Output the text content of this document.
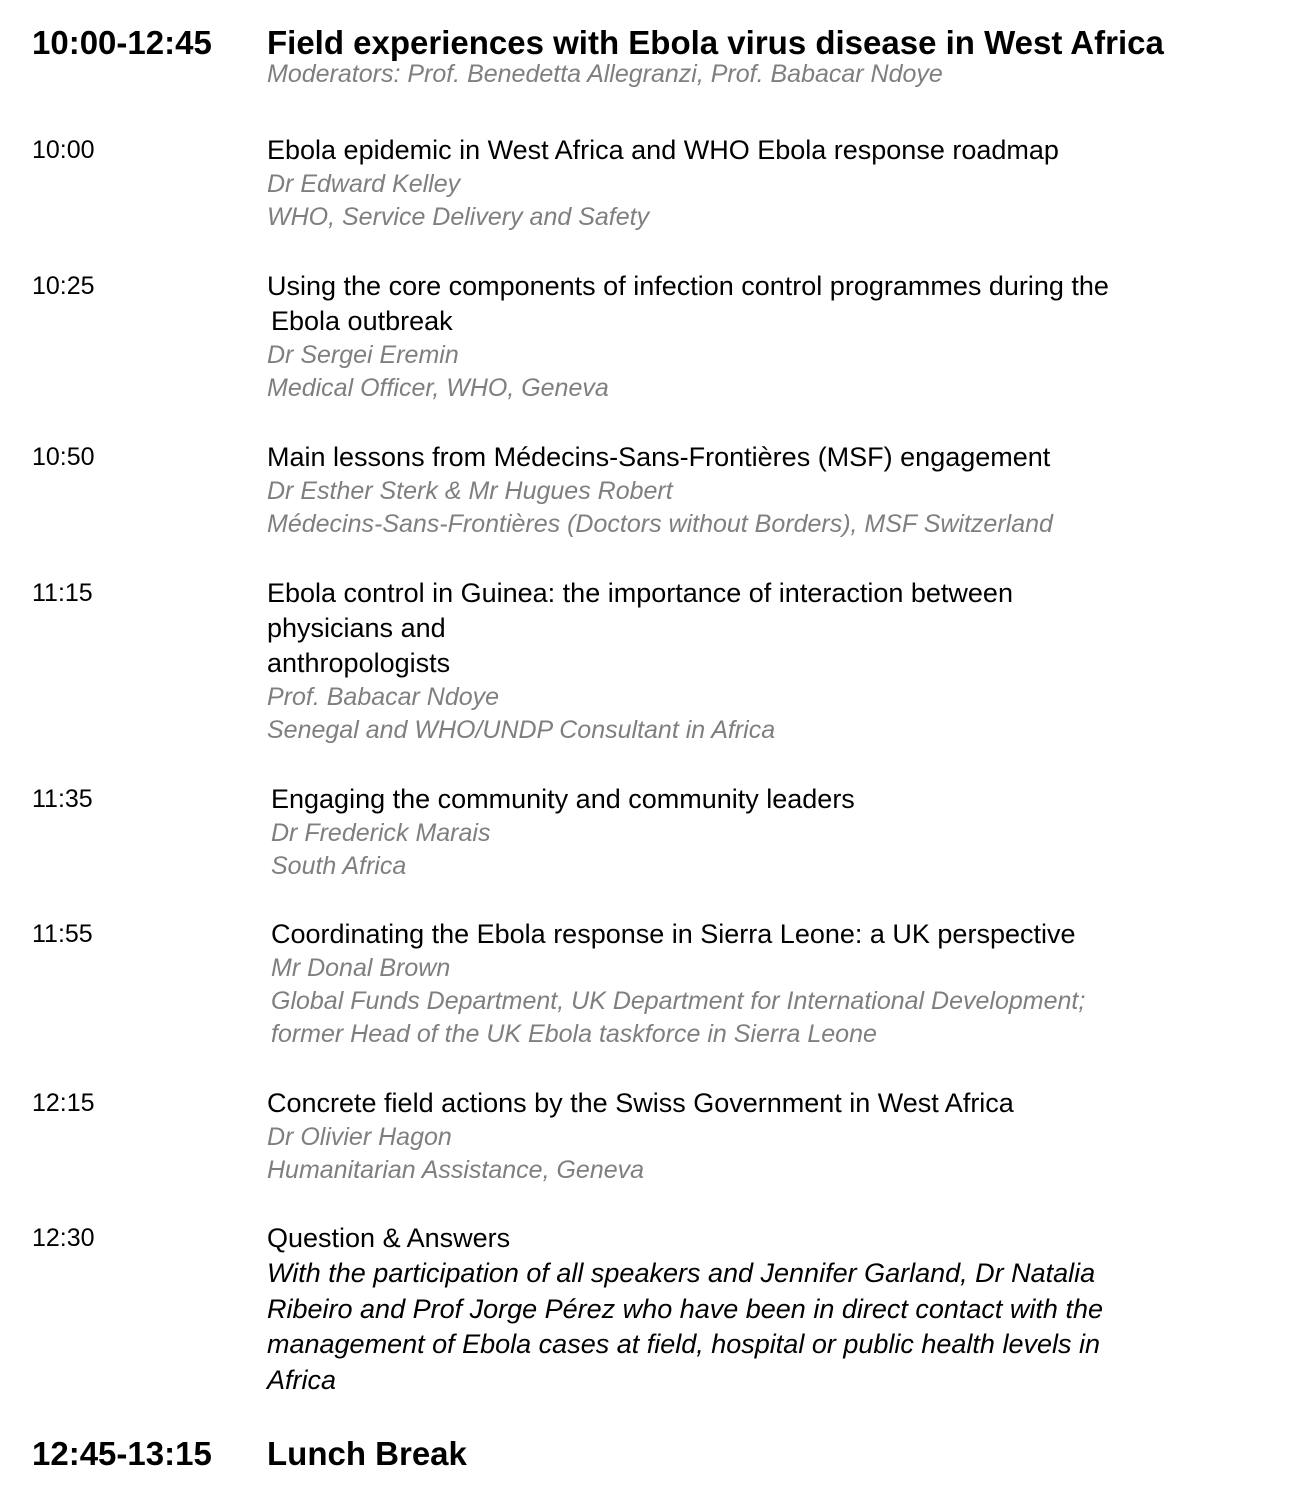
10:00-12:45 Field experiences with Ebola virus disease in West Africa

Moderators: Prof. Benedetta Allegranzi, Prof. Babacar Ndoye

10:00	Ebola epidemic in West Africa and WHO Ebola response roadmap

Dr Edward Kelley

WHO, Service Delivery and Safety

10:25	Using the core components of infection control programmes during the

Ebola outbreak

Dr Sergei Eremin

Medical Officer, WHO, Geneva

10:50	Main lessons from Médecins-Sans-Frontières (MSF) engagement

Dr Esther Sterk & Mr Hugues Robert

Médecins-Sans-Frontières (Doctors without Borders), MSF Switzerland

11:15	Ebola control in Guinea: the importance of interaction between

physicians and

anthropologists

Prof. Babacar Ndoye

Senegal and WHO/UNDP Consultant in Africa

11:35	Engaging the community and community leaders

Dr Frederick Marais

South Africa

11:55	Coordinating the Ebola response in Sierra Leone: a UK perspective

Mr Donal Brown

Global Funds Department, UK Department for International Development;

former Head of the UK Ebola taskforce in Sierra Leone

12:15	Concrete field actions by the Swiss Government in West Africa

Dr Olivier Hagon

Humanitarian Assistance, Geneva

12:30	Question & Answers

With the participation of all speakers and Jennifer Garland, Dr Natalia

Ribeiro and Prof Jorge Pérez who have been in direct contact with the

management of Ebola cases at field, hospital or public health levels in

Africa

12:45-13:15 Lunch Break
